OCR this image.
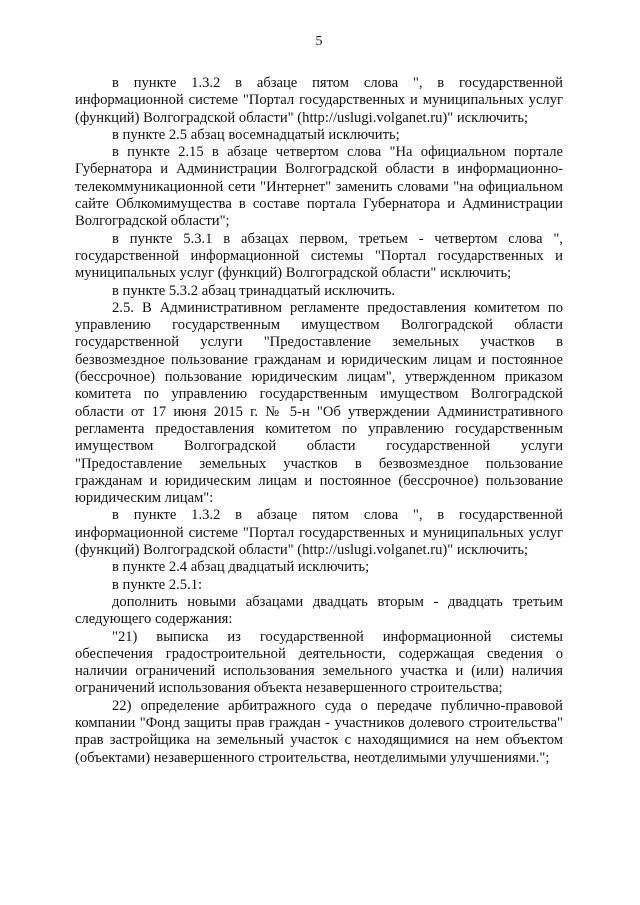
5

в пункте 1.3.2 в абзаце пятом слова ", в государственной информационной системе "Портал государственных и муниципальных услуг (функций) Волгоградской области" (http://uslugi.volganet.ru)" исключить;

в пункте 2.5 абзац восемнадцатый исключить;

в пункте 2.15 в абзаце четвертом слова "На официальном портале Губернатора и Администрации Волгоградской области в информационно-телекоммуникационной сети "Интернет" заменить словами "на официальном сайте Облкомимущества в составе портала Губернатора и Администрации Волгоградской области";

в пункте 5.3.1 в абзацах первом, третьем - четвертом слова ", государственной информационной системы "Портал государственных и муниципальных услуг (функций) Волгоградской области" исключить;

в пункте 5.3.2 абзац тринадцатый исключить.

2.5. В Административном регламенте предоставления комитетом по управлению государственным имуществом Волгоградской области государственной услуги "Предоставление земельных участков в безвозмездное пользование гражданам и юридическим лицам и постоянное (бессрочное) пользование юридическим лицам", утвержденном приказом комитета по управлению государственным имуществом Волгоградской области от 17 июня 2015 г. № 5-н "Об утверждении Административного регламента предоставления комитетом по управлению государственным имуществом Волгоградской области государственной услуги "Предоставление земельных участков в безвозмездное пользование гражданам и юридическим лицам и постоянное (бессрочное) пользование юридическим лицам":

в пункте 1.3.2 в абзаце пятом слова ", в государственной информационной системе "Портал государственных и муниципальных услуг (функций) Волгоградской области" (http://uslugi.volganet.ru)" исключить;

в пункте 2.4 абзац двадцатый исключить;

в пункте 2.5.1:

дополнить новыми абзацами двадцать вторым - двадцать третьим следующего содержания:

"21) выписка из государственной информационной системы обеспечения градостроительной деятельности, содержащая сведения о наличии ограничений использования земельного участка и (или) наличия ограничений использования объекта незавершенного строительства;

22) определение арбитражного суда о передаче публично-правовой компании "Фонд защиты прав граждан - участников долевого строительства" прав застройщика на земельный участок с находящимися на нем объектом (объектами) незавершенного строительства, неотделимыми улучшениями.";
